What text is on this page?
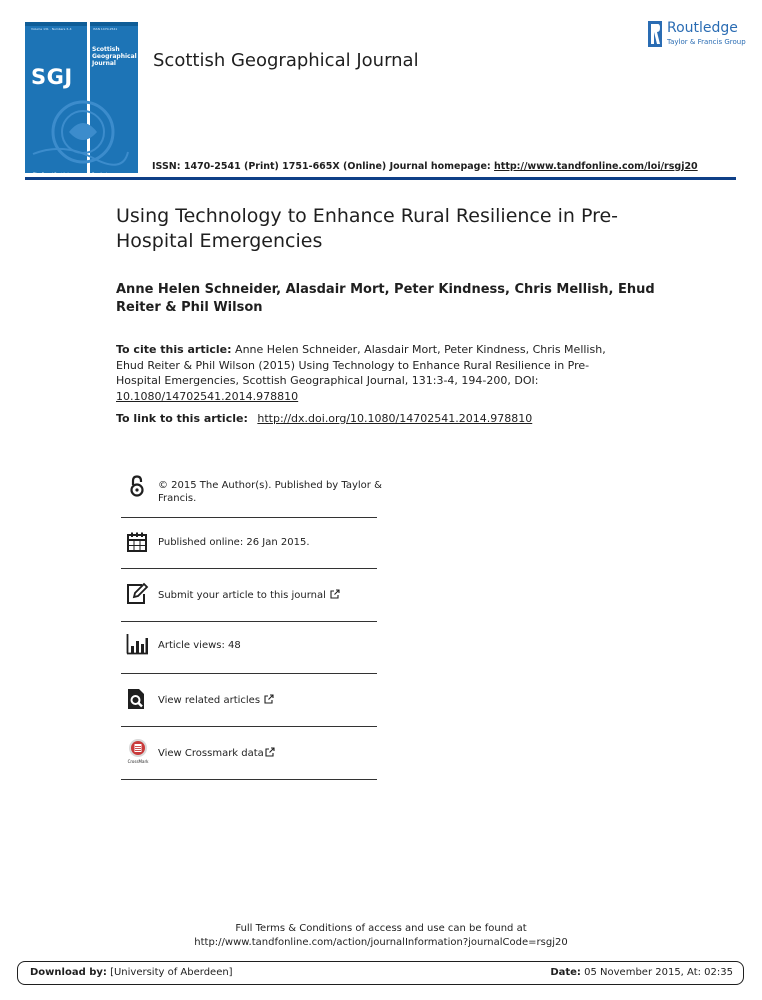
Volume 131 · Numbers 3–4	ISSN 1470-2541
SGJ
Scottish Geographical Journal
The Royal Scottish	Routledge
Scottish Geographical Journal
Routledge
Taylor & Francis Group
ISSN: 1470-2541 (Print) 1751-665X (Online) Journal homepage: http://www.tandfonline.com/loi/rsgj20
Using Technology to Enhance Rural Resilience in Pre-Hospital Emergencies
Anne Helen Schneider, Alasdair Mort, Peter Kindness, Chris Mellish, Ehud Reiter & Phil Wilson
To cite this article: Anne Helen Schneider, Alasdair Mort, Peter Kindness, Chris Mellish, Ehud Reiter & Phil Wilson (2015) Using Technology to Enhance Rural Resilience in Pre-Hospital Emergencies, Scottish Geographical Journal, 131:3-4, 194-200, DOI: 10.1080/14702541.2014.978810
To link to this article: http://dx.doi.org/10.1080/14702541.2014.978810
© 2015 The Author(s). Published by Taylor & Francis.
Published online: 26 Jan 2015.
Submit your article to this journal
Article views: 48
View related articles
CrossMark
View Crossmark data
Full Terms & Conditions of access and use can be found at
http://www.tandfonline.com/action/journalInformation?journalCode=rsgj20
Download by: [University of Aberdeen]	Date: 05 November 2015, At: 02:35
